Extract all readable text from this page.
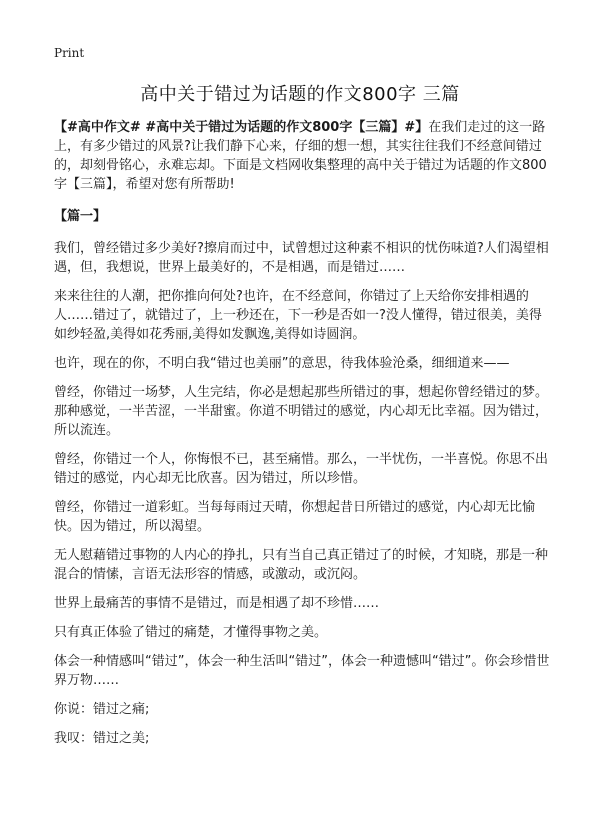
Print
高中关于错过为话题的作文800字 三篇

【#高中作文# #高中关于错过为话题的作文800字【三篇】#】在我们走过的这一路上，有多少错过的风景?让我们静下心来，仔细的想一想，其实往往我们不经意间错过的，却刻骨铭心，永难忘却。下面是文档网收集整理的高中关于错过为话题的作文800字【三篇】，希望对您有所帮助!

【篇一】

我们，曾经错过多少美好?擦肩而过中，试曾想过这种素不相识的忧伤味道?人们渴望相遇，但，我想说，世界上最美好的，不是相遇，而是错过……

来来往往的人潮，把你推向何处?也许，在不经意间，你错过了上天给你安排相遇的人……错过了，就错过了，上一秒还在，下一秒是否如一?没人懂得，错过很美，美得如纱轻盈,美得如花秀丽,美得如发飘逸,美得如诗圆润。

也许，现在的你，不明白我“错过也美丽”的意思，待我体验沧桑，细细道来——

曾经，你错过一场梦，人生完结，你必是想起那些所错过的事，想起你曾经错过的梦。那种感觉，一半苦涩，一半甜蜜。你道不明错过的感觉，内心却无比幸福。因为错过，所以流连。

曾经，你错过一个人，你悔恨不已，甚至痛惜。那么，一半忧伤，一半喜悦。你思不出错过的感觉，内心却无比欣喜。因为错过，所以珍惜。

曾经，你错过一道彩虹。当每每雨过天晴，你想起昔日所错过的感觉，内心却无比愉快。因为错过，所以渴望。

无人慰藉错过事物的人内心的挣扎，只有当自己真正错过了的时候，才知晓，那是一种混合的情愫，言语无法形容的情感，或激动，或沉闷。

世界上最痛苦的事情不是错过，而是相遇了却不珍惜……

只有真正体验了错过的痛楚，才懂得事物之美。

体会一种情感叫“错过”，体会一种生活叫“错过”，体会一种遗憾叫“错过”。你会珍惜世界万物……

你说：错过之痛;

我叹：错过之美;
